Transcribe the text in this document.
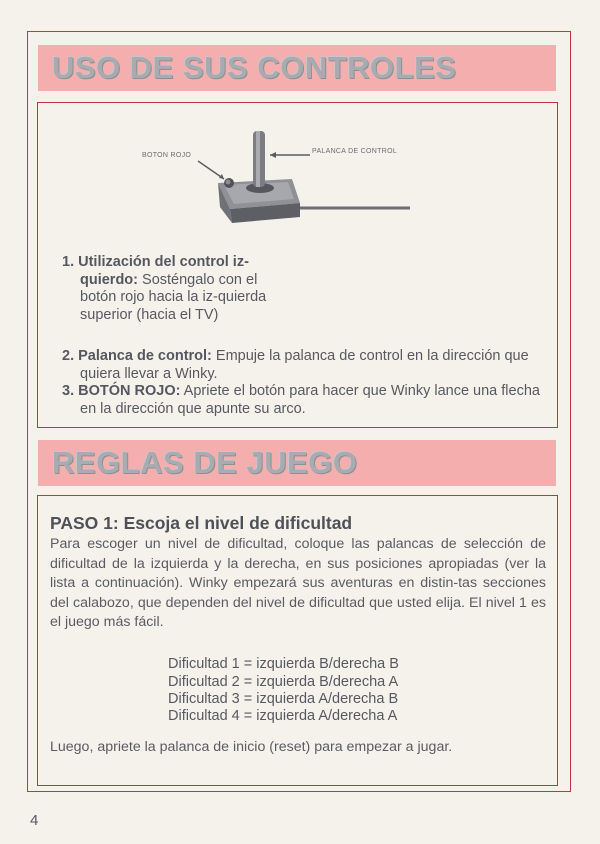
USO DE SUS CONTROLES
BOTON ROJO
PALANCA DE CONTROL
1. Utilización del control iz-quierdo: Sosténgalo con el botón rojo hacia la iz-quierda superior (hacia el TV)
2. Palanca de control: Empuje la palanca de control en la dirección que quiera llevar a Winky.
3. BOTÓN ROJO: Apriete el botón para hacer que Winky lance una flecha en la dirección que apunte su arco.
REGLAS DE JUEGO
PASO 1: Escoja el nivel de dificultad
Para escoger un nivel de dificultad, coloque las palancas de selección de dificultad de la izquierda y la derecha, en sus posiciones apropiadas (ver la lista a continuación). Winky empezará sus aventuras en distin-tas secciones del calabozo, que dependen del nivel de dificultad que usted elija. El nivel 1 es el juego más fácil.
Dificultad 1 = izquierda B/derecha B
Dificultad 2 = izquierda B/derecha A
Dificultad 3 = izquierda A/derecha B
Dificultad 4 = izquierda A/derecha A
Luego, apriete la palanca de inicio (reset) para empezar a jugar.
4
